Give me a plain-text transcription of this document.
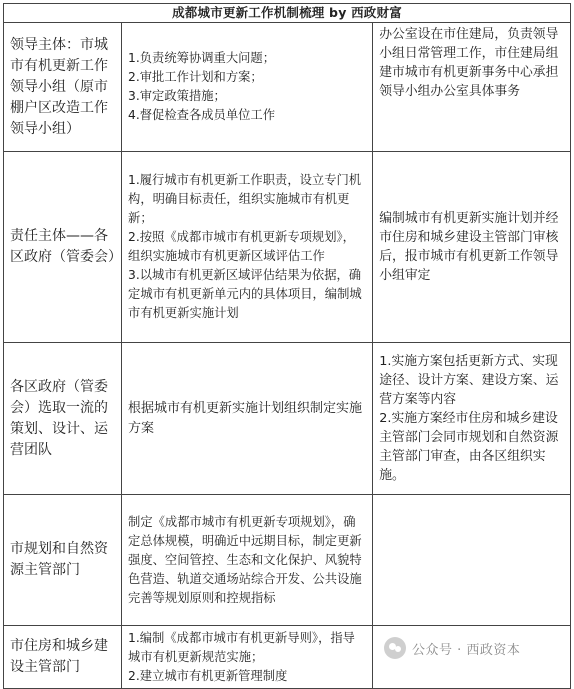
成都城市更新工作机制梳理 by 西政财富		
领导主体：市城市有机更新工作领导小组（原市棚户区改造工作领导小组）	1.负责统筹协调重大问题；

2.审批工作计划和方案；

3.审定政策措施；

4.督促检查各成员单位工作	办公室设在市住建局，负责领导小组日常管理工作，市住建局组建市城市有机更新事务中心承担领导小组办公室具体事务

责任主体——各区政府（管委会）	1.履行城市有机更新工作职责，设立专门机构，明确目标责任，组织实施城市有机更新；

2.按照《成都市城市有机更新专项规划》，组织实施城市有机更新区域评估工作

3.以城市有机更新区域评估结果为依据，确定城市有机更新单元内的具体项目，编制城市有机更新实施计划	编制城市有机更新实施计划并经市住房和城乡建设主管部门审核后，报市城市有机更新工作领导小组审定

各区政府（管委会）选取一流的策划、设计、运营团队	根据城市有机更新实施计划组织制定实施方案	1.实施方案包括更新方式、实现途径、设计方案、建设方案、运营方案等内容

2.实施方案经市住房和城乡建设主管部门会同市规划和自然资源主管部门审查，由各区组织实施。

市规划和自然资源主管部门	制定《成都市城市有机更新专项规划》，确定总体规模，明确近中远期目标，制定更新强度、空间管控、生态和文化保护、风貌特色营造、轨道交通场站综合开发、公共设施完善等规划原则和控规指标	

市住房和城乡建设主管部门	1.编制《成都市城市有机更新导则》，指导城市有机更新规范实施；

2.建立城市有机更新管理制度	

公众号 · 西政资本
